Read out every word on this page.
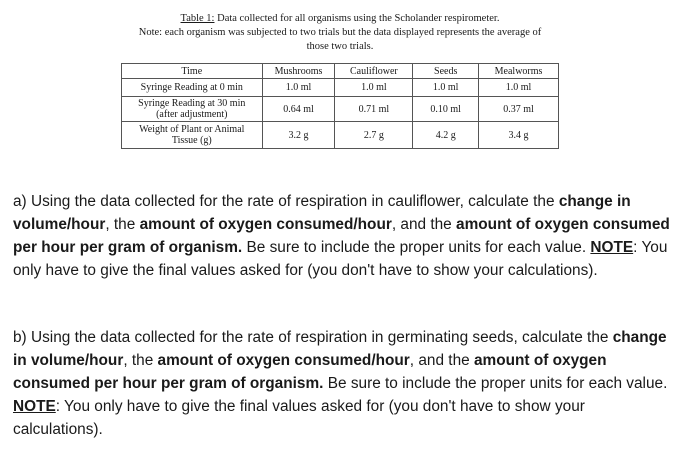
Table 1: Data collected for all organisms using the Scholander respirometer.
Note: each organism was subjected to two trials but the data displayed represents the average of
those two trials.
Time	Mushrooms	Cauliflower	Seeds	Mealworms
Syringe Reading at 0 min	1.0 ml	1.0 ml	1.0 ml	1.0 ml

Syringe Reading at 30 min
(after adjustment)	0.64 ml	0.71 ml	0.10 ml	0.37 ml

Weight of Plant or Animal
Tissue (g)	3.2 g	2.7 g	4.2 g	3.4 g
a) Using the data collected for the rate of respiration in cauliflower, calculate the change in volume/hour, the amount of oxygen consumed/hour, and the amount of oxygen consumed per hour per gram of organism. Be sure to include the proper units for each value. NOTE: You only have to give the final values asked for (you don't have to show your calculations).
b) Using the data collected for the rate of respiration in germinating seeds, calculate the change in volume/hour, the amount of oxygen consumed/hour, and the amount of oxygen consumed per hour per gram of organism. Be sure to include the proper units for each value. NOTE: You only have to give the final values asked for (you don't have to show your calculations).
